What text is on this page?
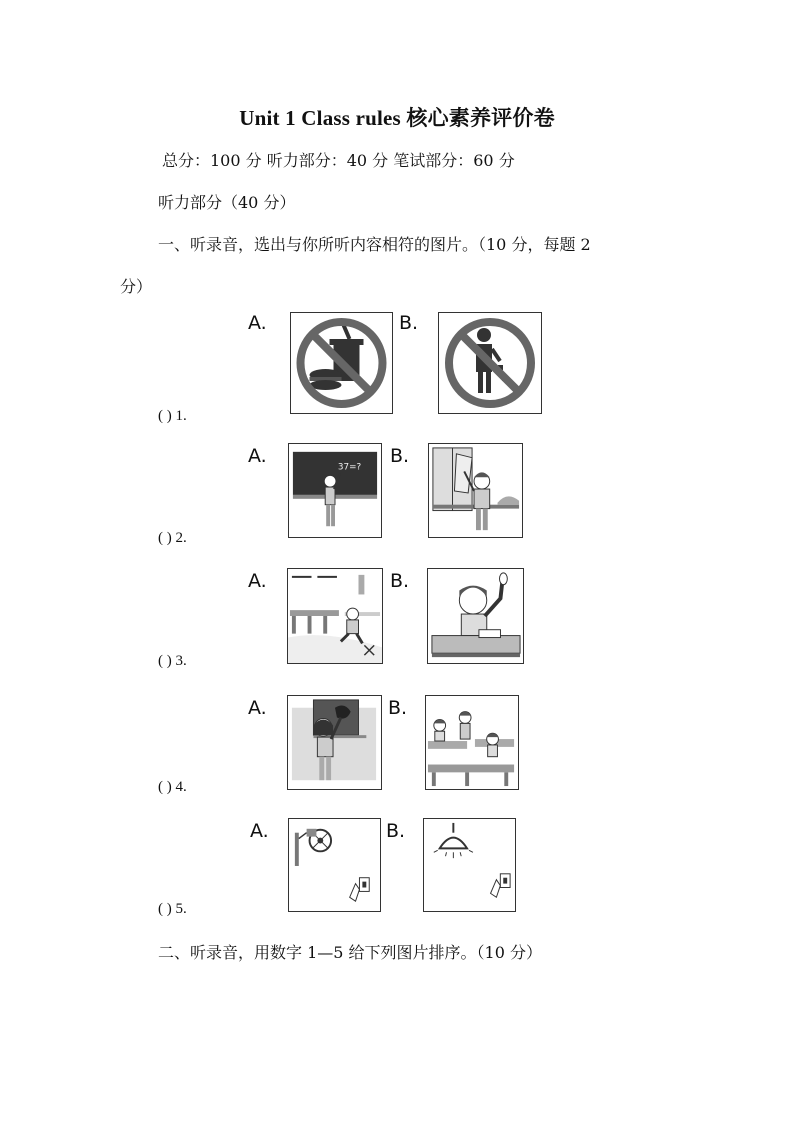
Unit 1 Class rules 核心素养评价卷
总分：100 分 听力部分：40 分 笔试部分：60 分
听力部分（40 分）
一、听录音，选出与你所听内容相符的图片。（10 分，每题 2
分）
( ) 1.
A.	B.
( ) 2.
A.	B.
37=?
( ) 3.
A.	B.
( ) 4.
A.	B.
( ) 5.
A.	B.
二、听录音，用数字 1—5 给下列图片排序。（10 分）
